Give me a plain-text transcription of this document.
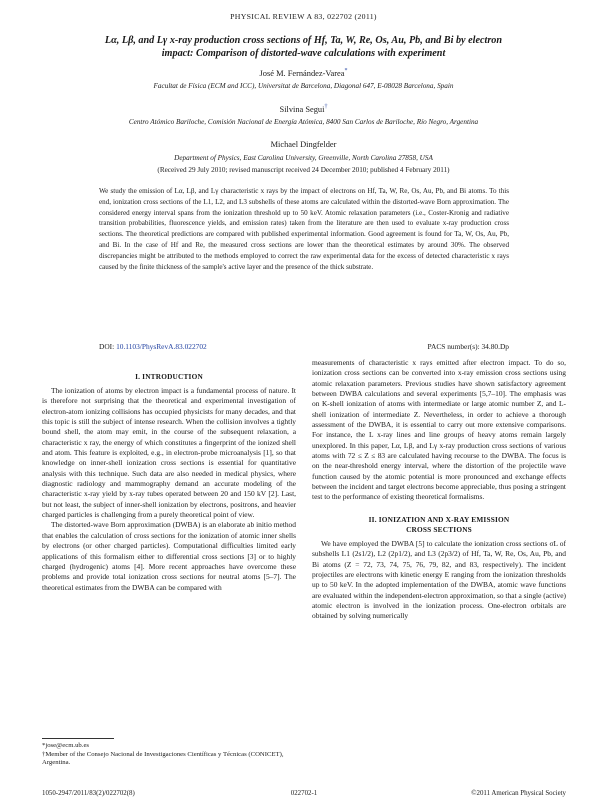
PHYSICAL REVIEW A 83, 022702 (2011)
Lα, Lβ, and Lγ x-ray production cross sections of Hf, Ta, W, Re, Os, Au, Pb, and Bi by electron
impact: Comparison of distorted-wave calculations with experiment
José M. Fernández-Varea*
Facultat de Física (ECM and ICC), Universitat de Barcelona, Diagonal 647, E-08028 Barcelona, Spain
Silvina Segui†
Centro Atómico Bariloche, Comisión Nacional de Energía Atómica, 8400 San Carlos de Bariloche, Río Negro, Argentina
Michael Dingfelder
Department of Physics, East Carolina University, Greenville, North Carolina 27858, USA
(Received 29 July 2010; revised manuscript received 24 December 2010; published 4 February 2011)
We study the emission of Lα, Lβ, and Lγ characteristic x rays by the impact of electrons on Hf, Ta, W, Re, Os, Au, Pb, and Bi atoms. To this end, ionization cross sections of the L1, L2, and L3 subshells of these atoms are calculated within the distorted-wave Born approximation. The considered energy interval spans from the ionization threshold up to 50 keV. Atomic relaxation parameters (i.e., Coster-Kronig and radiative transition probabilities, fluorescence yields, and emission rates) taken from the literature are then used to evaluate x-ray production cross sections. The theoretical predictions are compared with published experimental information. Good agreement is found for Ta, W, Os, Au, Pb, and Bi. In the case of Hf and Re, the measured cross sections are lower than the theoretical estimates by around 30%. The observed discrepancies might be attributed to the methods employed to correct the raw experimental data for the excess of detected characteristic x rays caused by the finite thickness of the sample's active layer and the presence of the thick substrate.
DOI: 10.1103/PhysRevA.83.022702	PACS number(s): 34.80.Dp
I. INTRODUCTION

The ionization of atoms by electron impact is a fundamental process of nature. It is therefore not surprising that the theoretical and experimental investigation of electron-atom ionizing collisions has occupied physicists for many decades, and that this topic is still the subject of intense research. When the collision involves a tightly bound shell, the atom may emit, in the course of the subsequent relaxation, a characteristic x ray, the energy of which constitutes a fingerprint of the ionized shell and atom. This feature is exploited, e.g., in electron-probe microanalysis [1], so that knowledge on inner-shell ionization cross sections is essential for quantitative analysis with this technique. Such data are also needed in medical physics, where diagnostic radiology and mammography demand an accurate modeling of the characteristic x-ray yield by x-ray tubes operated between 20 and 150 kV [2]. Last, but not least, the subject of inner-shell ionization by electrons, positrons, and heavier charged particles is challenging from a purely theoretical point of view.

The distorted-wave Born approximation (DWBA) is an elaborate ab initio method that enables the calculation of cross sections for the ionization of atomic inner shells by electrons (or other charged particles). Computational difficulties limited early applications of this formalism either to differential cross sections [3] or to highly charged (hydrogenic) atoms [4]. More recent approaches have overcome these problems and provide total ionization cross sections for neutral atoms [5–7]. The theoretical estimates from the DWBA can be compared with

measurements of characteristic x rays emitted after electron impact. To do so, ionization cross sections can be converted into x-ray emission cross sections using atomic relaxation parameters. Previous studies have shown satisfactory agreement between DWBA calculations and several experiments [5,7–10]. The emphasis was on K-shell ionization of atoms with intermediate or large atomic number Z, and L-shell ionization of intermediate Z. Nevertheless, in order to achieve a thorough assessment of the DWBA, it is essential to carry out more extensive comparisons. For instance, the L x-ray lines and line groups of heavy atoms remain largely unexplored. In this paper, Lα, Lβ, and Lγ x-ray production cross sections of various atoms with 72 ≤ Z ≤ 83 are calculated having recourse to the DWBA. The focus is on the near-threshold energy interval, where the distortion of the projectile wave function caused by the atomic potential is more pronounced and exchange effects between the incident and target electrons become appreciable, thus posing a stringent test to the performance of existing theoretical formalisms.

II. IONIZATION AND X-RAY EMISSION
CROSS SECTIONS

We have employed the DWBA [5] to calculate the ionization cross sections σL of subshells L1 (2s1/2), L2 (2p1/2), and L3 (2p3/2) of Hf, Ta, W, Re, Os, Au, Pb, and Bi atoms (Z = 72, 73, 74, 75, 76, 79, 82, and 83, respectively). The incident projectiles are electrons with kinetic energy E ranging from the ionization thresholds up to 50 keV. In the adopted implementation of the DWBA, atomic wave functions are evaluated within the independent-electron approximation, so that a single (active) atomic electron is involved in the ionization process. One-electron orbitals are obtained by solving numerically

*jose@ecm.ub.es
†Member of the Consejo Nacional de Investigaciones Científicas y Técnicas (CONICET), Argentina.
1050-2947/2011/83(2)/022702(8)	022702-1	©2011 American Physical Society
